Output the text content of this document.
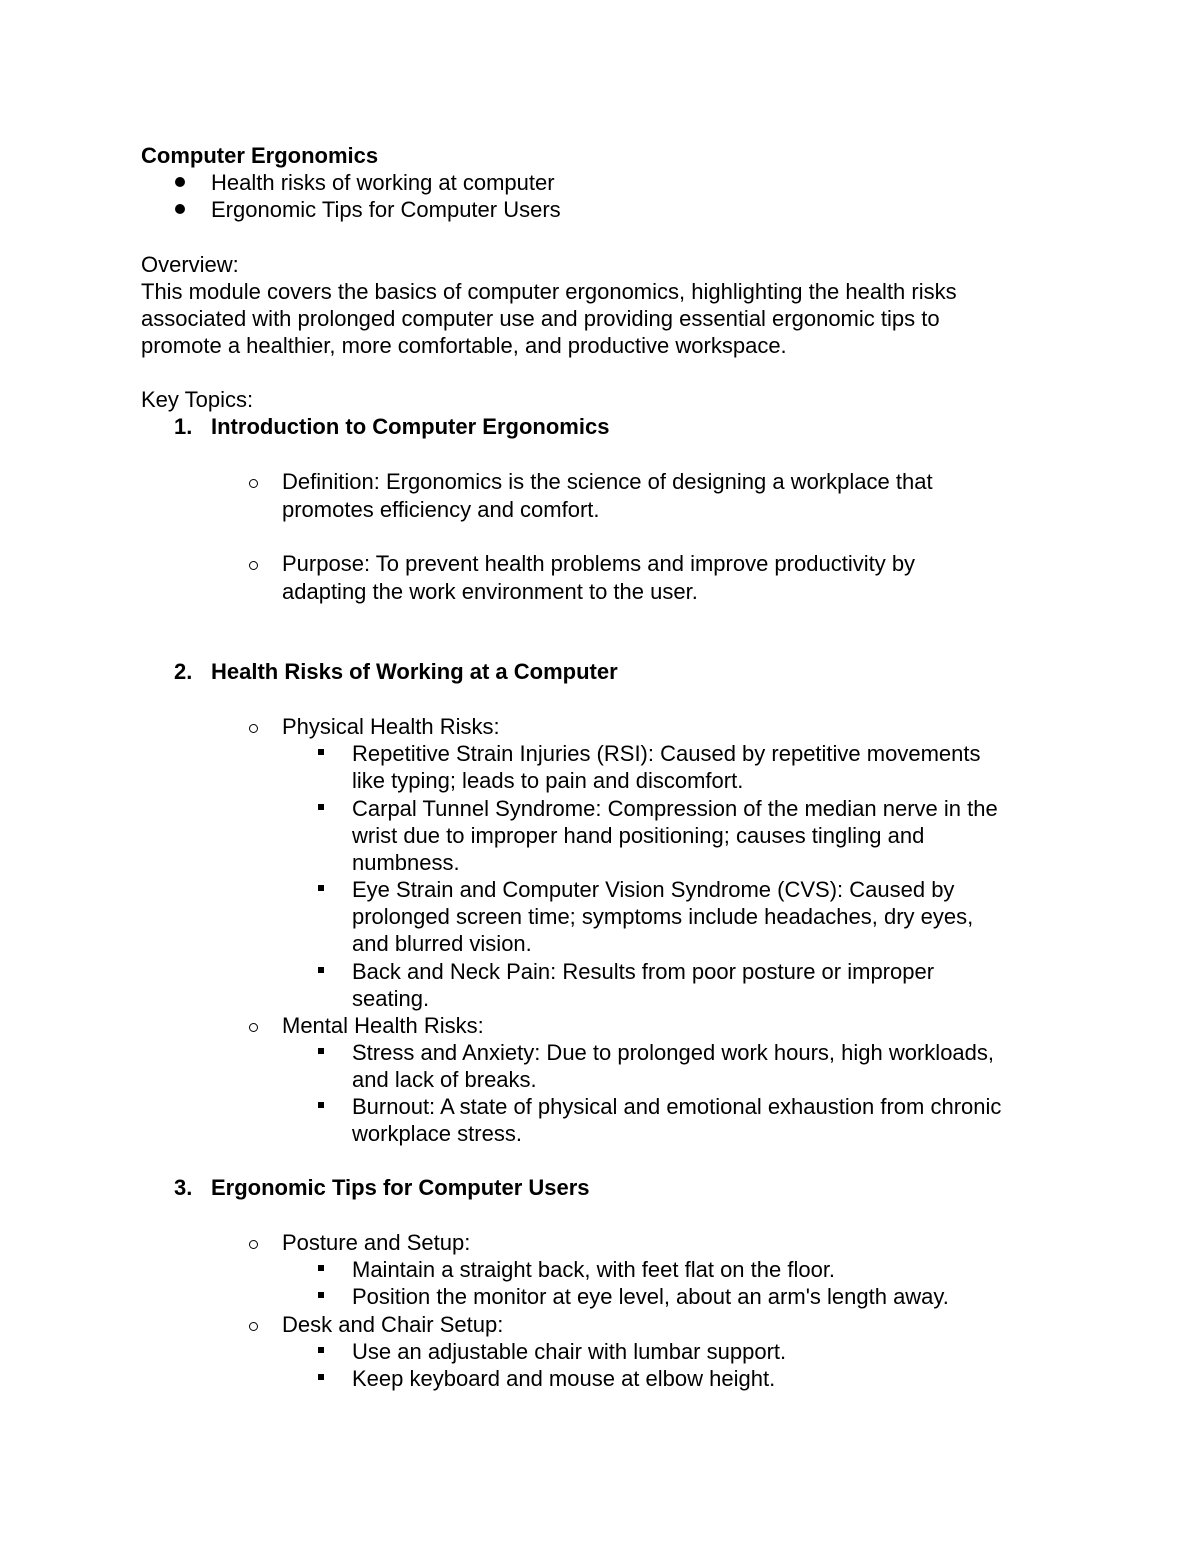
Computer Ergonomics
Health risks of working at computer
Ergonomic Tips for Computer Users
Overview:
This module covers the basics of computer ergonomics, highlighting the health risks
associated with prolonged computer use and providing essential ergonomic tips to
promote a healthier, more comfortable, and productive workspace.
Key Topics:
1. Introduction to Computer Ergonomics
Definition: Ergonomics is the science of designing a workplace that
promotes efficiency and comfort.
Purpose: To prevent health problems and improve productivity by
adapting the work environment to the user.
2. Health Risks of Working at a Computer
Physical Health Risks:
Repetitive Strain Injuries (RSI): Caused by repetitive movements
like typing; leads to pain and discomfort.
Carpal Tunnel Syndrome: Compression of the median nerve in the
wrist due to improper hand positioning; causes tingling and
numbness.
Eye Strain and Computer Vision Syndrome (CVS): Caused by
prolonged screen time; symptoms include headaches, dry eyes,
and blurred vision.
Back and Neck Pain: Results from poor posture or improper
seating.
Mental Health Risks:
Stress and Anxiety: Due to prolonged work hours, high workloads,
and lack of breaks.
Burnout: A state of physical and emotional exhaustion from chronic
workplace stress.
3. Ergonomic Tips for Computer Users
Posture and Setup:
Maintain a straight back, with feet flat on the floor.
Position the monitor at eye level, about an arm's length away.
Desk and Chair Setup:
Use an adjustable chair with lumbar support.
Keep keyboard and mouse at elbow height.
